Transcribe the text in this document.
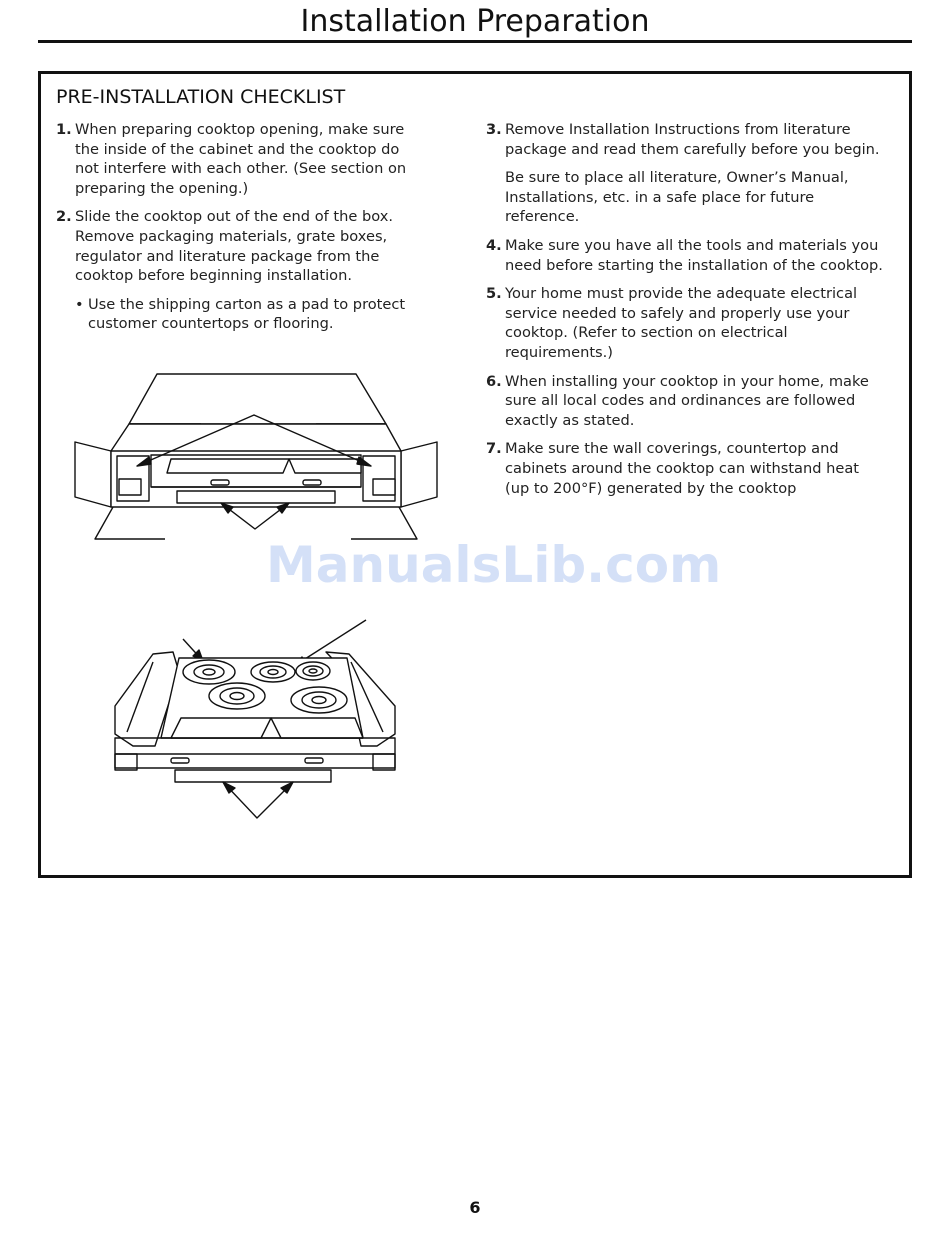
Installation Preparation
PRE-INSTALLATION CHECKLIST
1. When preparing cooktop opening, make sure the inside of the cabinet and the cooktop do not interfere with each other. (See section on preparing the opening.)
2. Slide the cooktop out of the end of the box. Remove packaging materials, grate boxes, regulator and literature package from the cooktop before beginning installation.
• Use the shipping carton as a pad to protect customer countertops or flooring.
3. Remove Installation Instructions from literature package and read them carefully before you begin.
Be sure to place all literature, Owner’s Manual, Installations, etc. in a safe place for future reference.
4. Make sure you have all the tools and materials you need before starting the installation of the cooktop.
5. Your home must provide the adequate electrical service needed to safely and properly use your cooktop. (Refer to section on electrical requirements.)
6. When installing your cooktop in your home, make sure all local codes and ordinances are followed exactly as stated.
7. Make sure the wall coverings, countertop and cabinets around the cooktop can withstand heat (up to 200°F) generated by the cooktop
ManualsLib.com
6
